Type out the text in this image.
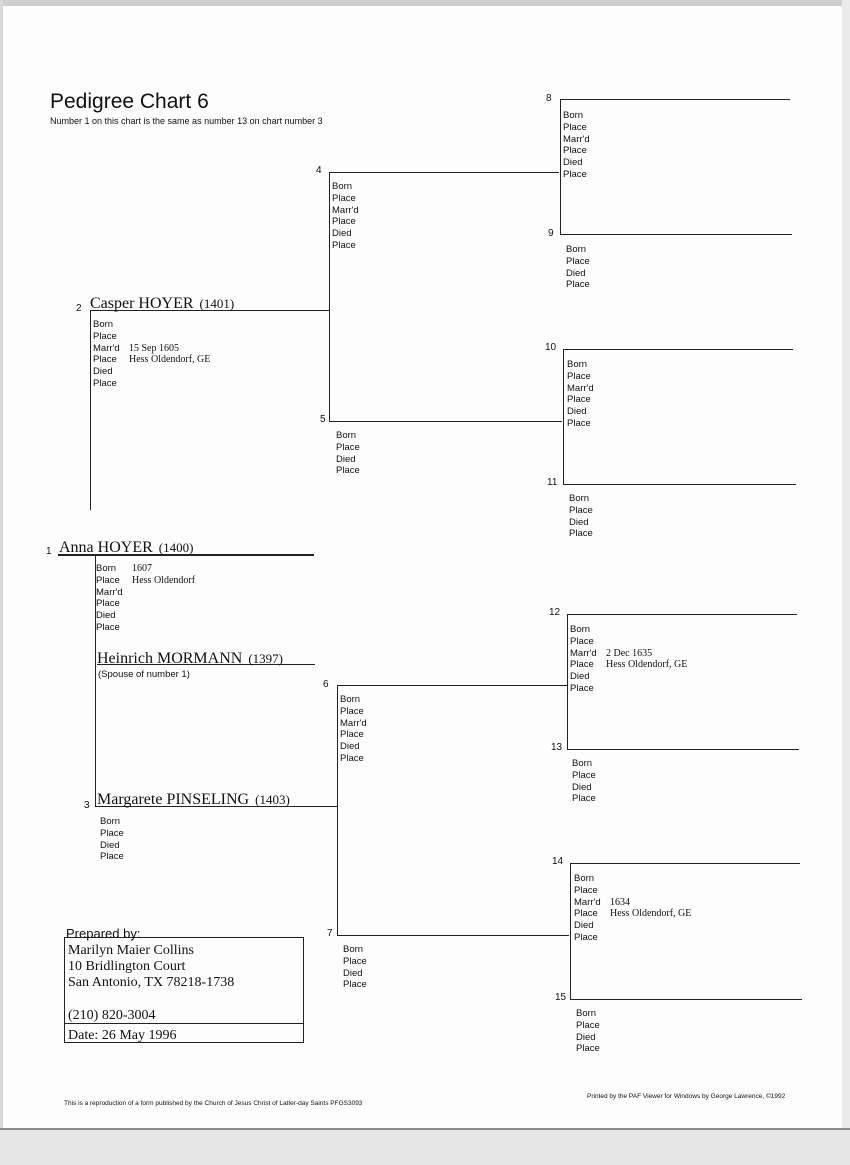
Pedigree Chart 6
Number 1 on this chart is the same as number 13 on chart number 3
1 Anna HOYER (1400)
Born 1607
Place Hess Oldendorf
Marr'd
Place
Died
Place
Heinrich MORMANN (1397)
(Spouse of number 1)
2 Casper HOYER (1401)
Born
Place
Marr'd 15 Sep 1605
Place Hess Oldendorf, GE
Died
Place
3 Margarete PINSELING (1403)
Born
Place
Died
Place
4
Born
Place
Marr'd
Place
Died
Place
5
Born
Place
Died
Place
6
Born
Place
Marr'd
Place
Died
Place
7
Born
Place
Died
Place
8
Born
Place
Marr'd
Place
Died
Place
9
Born
Place
Died
Place
10
Born
Place
Marr'd
Place
Died
Place
11
Born
Place
Died
Place
12
Born
Place
Marr'd 2 Dec 1635
Place Hess Oldendorf, GE
Died
Place
13
Born
Place
Died
Place
14
Born
Place
Marr'd 1634
Place Hess Oldendorf, GE
Died
Place
15
Born
Place
Died
Place
Prepared by:
Marilyn Maier Collins
10 Bridlington Court
San Antonio, TX 78218-1738
(210) 820-3004
Date: 26 May 1996
This is a reproduction of a form published by the Church of Jesus Christ of Latter-day Saints PFGS3093
Printed by the PAF Viewer for Windows by George Lawrence, ©1992
